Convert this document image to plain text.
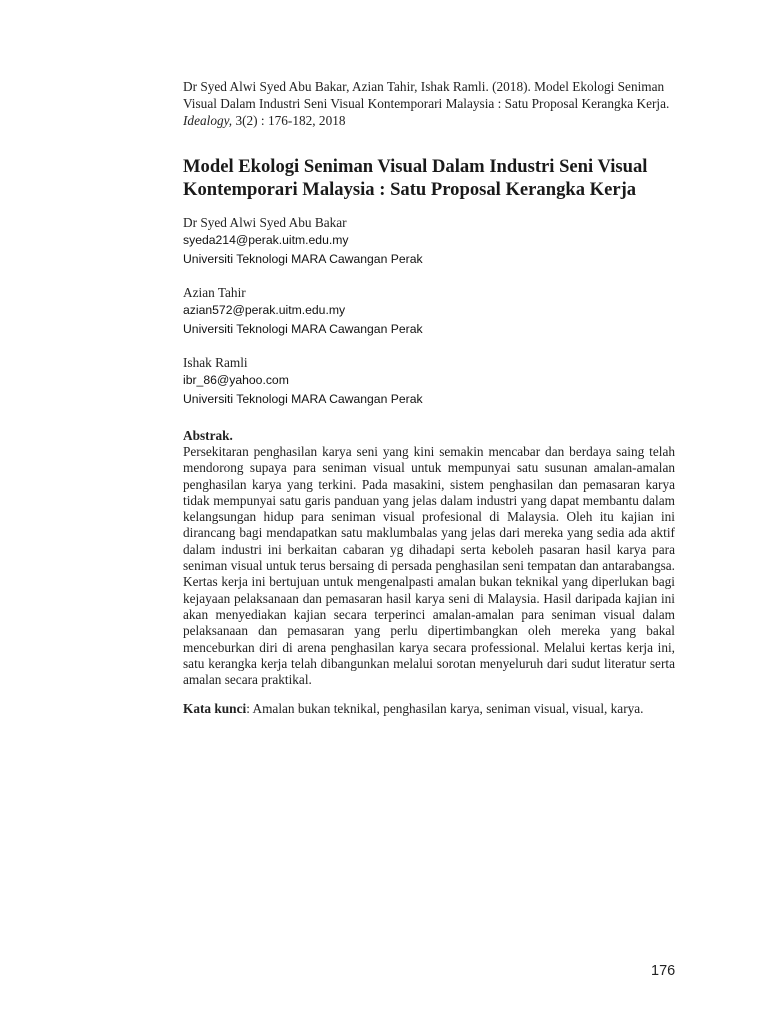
Dr Syed Alwi Syed Abu Bakar, Azian Tahir, Ishak Ramli. (2018). Model Ekologi Seniman Visual Dalam Industri Seni Visual Kontemporari Malaysia : Satu Proposal Kerangka Kerja. Idealogy, 3(2) : 176-182, 2018

Model Ekologi Seniman Visual Dalam Industri Seni Visual Kontemporari Malaysia : Satu Proposal Kerangka Kerja

Dr Syed Alwi Syed Abu Bakar

syeda214@perak.uitm.edu.my

Universiti Teknologi MARA Cawangan Perak

Azian Tahir

azian572@perak.uitm.edu.my

Universiti Teknologi MARA Cawangan Perak

Ishak Ramli

ibr_86@yahoo.com

Universiti Teknologi MARA Cawangan Perak

Abstrak.

Persekitaran penghasilan karya seni yang kini semakin mencabar dan berdaya saing telah mendorong supaya para seniman visual untuk mempunyai satu susunan amalan-amalan penghasilan karya yang terkini. Pada masakini, sistem penghasilan dan pemasaran karya tidak mempunyai satu garis panduan yang jelas dalam industri yang dapat membantu dalam kelangsungan hidup para seniman visual profesional di Malaysia. Oleh itu kajian ini dirancang bagi mendapatkan satu maklumbalas yang jelas dari mereka yang sedia ada aktif dalam industri ini berkaitan cabaran yg dihadapi serta keboleh pasaran hasil karya para seniman visual untuk terus bersaing di persada penghasilan seni tempatan dan antarabangsa. Kertas kerja ini bertujuan untuk mengenalpasti amalan bukan teknikal yang diperlukan bagi kejayaan pelaksanaan dan pemasaran hasil karya seni di Malaysia. Hasil daripada kajian ini akan menyediakan kajian secara terperinci amalan-amalan para seniman visual dalam pelaksanaan dan pemasaran yang perlu dipertimbangkan oleh mereka yang bakal menceburkan diri di arena penghasilan karya secara professional. Melalui kertas kerja ini, satu kerangka kerja telah dibangunkan melalui sorotan menyeluruh dari sudut literatur serta amalan secara praktikal.

Kata kunci: Amalan bukan teknikal, penghasilan karya, seniman visual, visual, karya.

176
